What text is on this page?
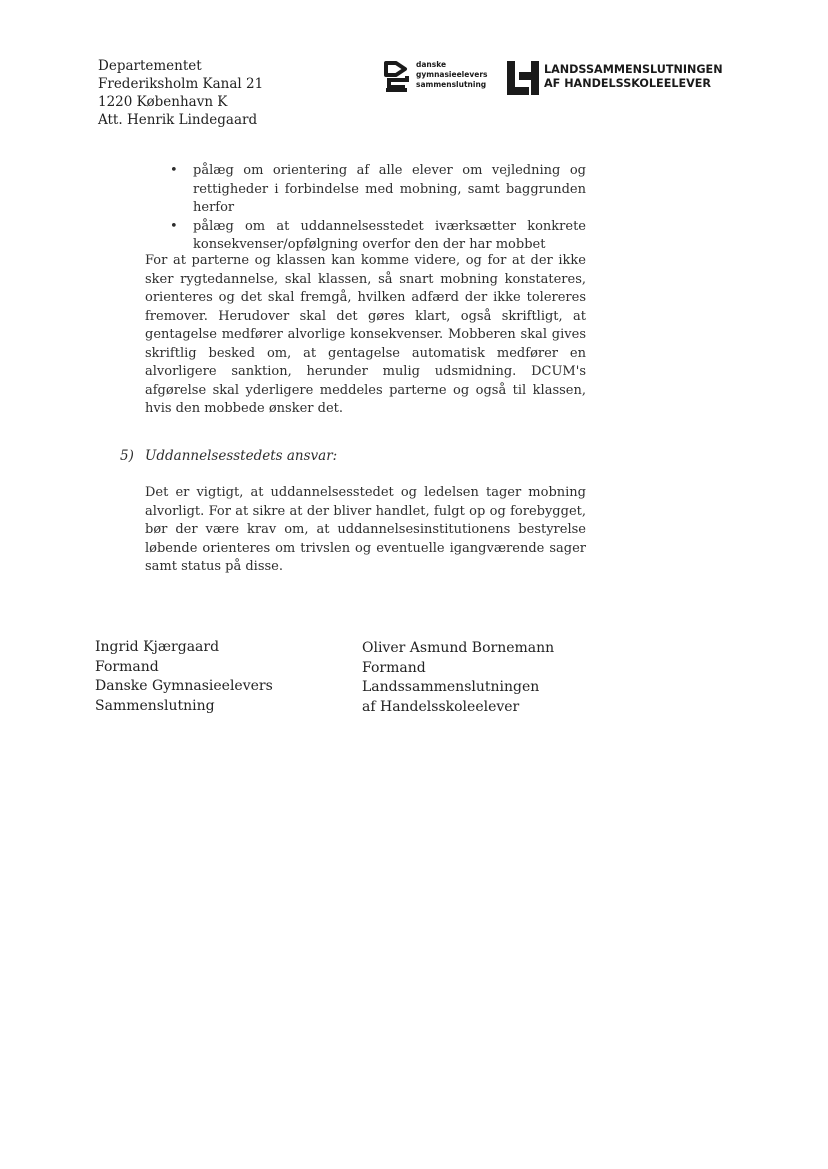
Departementet
Frederiksholm Kanal 21
1220 København K
Att. Henrik Lindegaard
danske
gymnasieelevers
sammenslutning
LANDSSAMMENSLUTNINGEN
AF HANDELSSKOLEELEVER
• pålæg om orientering af alle elever om vejledning og rettigheder i forbindelse med mobning, samt baggrunden herfor
• pålæg om at uddannelsesstedet iværksætter konkrete konsekvenser/opfølgning overfor den der har mobbet
For at parterne og klassen kan komme videre, og for at der ikke sker rygtedannelse, skal klassen, så snart mobning konstateres, orienteres og det skal fremgå, hvilken adfærd der ikke tolereres fremover. Herudover skal det gøres klart, også skriftligt, at gentagelse medfører alvorlige konsekvenser. Mobberen skal gives skriftlig besked om, at gentagelse automatisk medfører en alvorligere sanktion, herunder mulig udsmidning. DCUM's afgørelse skal yderligere meddeles parterne og også til klassen, hvis den mobbede ønsker det.
5) Uddannelsesstedets ansvar:
Det er vigtigt, at uddannelsesstedet og ledelsen tager mobning alvorligt. For at sikre at der bliver handlet, fulgt op og forebygget, bør der være krav om, at uddannelsesinstitutionens bestyrelse løbende orienteres om trivslen og eventuelle igangværende sager samt status på disse.
Ingrid Kjærgaard
Formand
Danske Gymnasieelevers
Sammenslutning
Oliver Asmund Bornemann
Formand
Landssammenslutningen
af Handelsskoleelever
